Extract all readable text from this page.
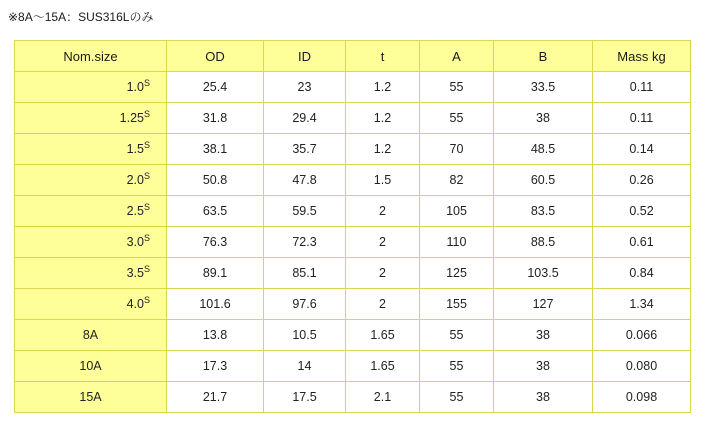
※8A〜15A：SUS316Lのみ
Nom.size	OD	ID	t	A	B	Mass kg
$1.0^S$	25.4	23	1.2	55	33.5	0.11
$1.25^S$	31.8	29.4	1.2	55	38	0.11
$1.5^S$	38.1	35.7	1.2	70	48.5	0.14
$2.0^S$	50.8	47.8	1.5	82	60.5	0.26
$2.5^S$	63.5	59.5	2	105	83.5	0.52
$3.0^S$	76.3	72.3	2	110	88.5	0.61
$3.5^S$	89.1	85.1	2	125	103.5	0.84
$4.0^S$	101.6	97.6	2	155	127	1.34
8A	13.8	10.5	1.65	55	38	0.066
10A	17.3	14	1.65	55	38	0.080
15A	21.7	17.5	2.1	55	38	0.098
